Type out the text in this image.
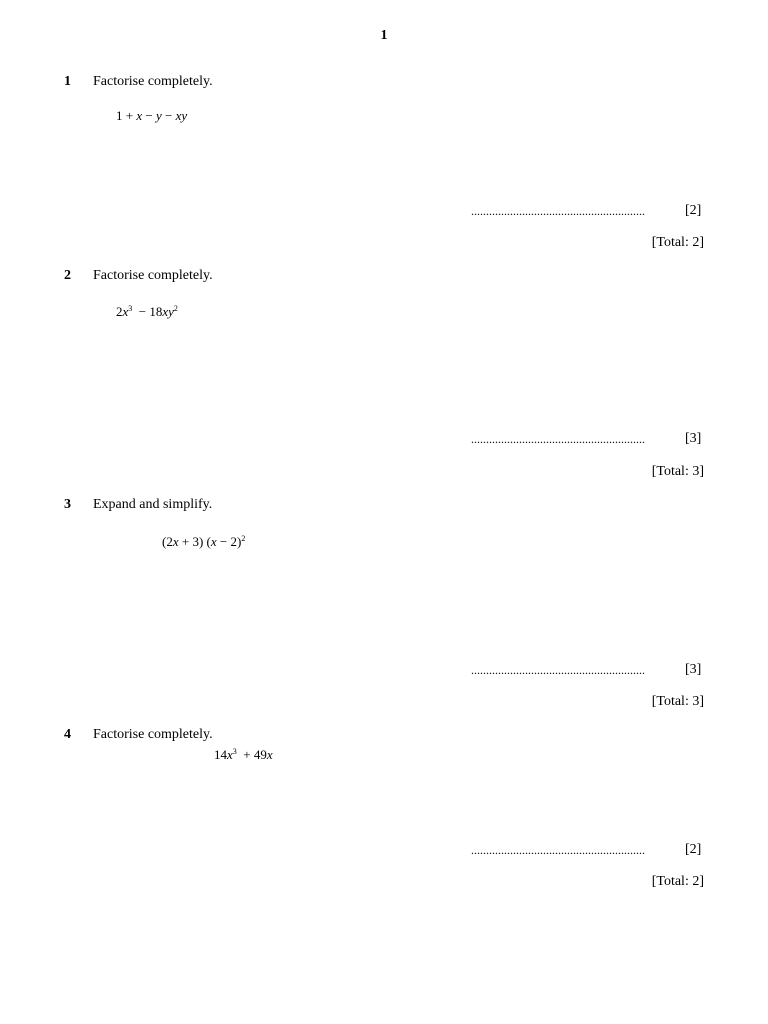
1
1 Factorise completely.
1 + x − y − xy
..........................................................	[2]
[Total: 2]
2 Factorise completely.
$2x^3 - 18xy^2$
..........................................................	[3]
[Total: 3]
3 Expand and simplify.
(2x + 3) $(x - 2)^2$
..........................................................	[3]
[Total: 3]
4 Factorise completely.
$14x^3 + 49x$
..........................................................	[2]
[Total: 2]
